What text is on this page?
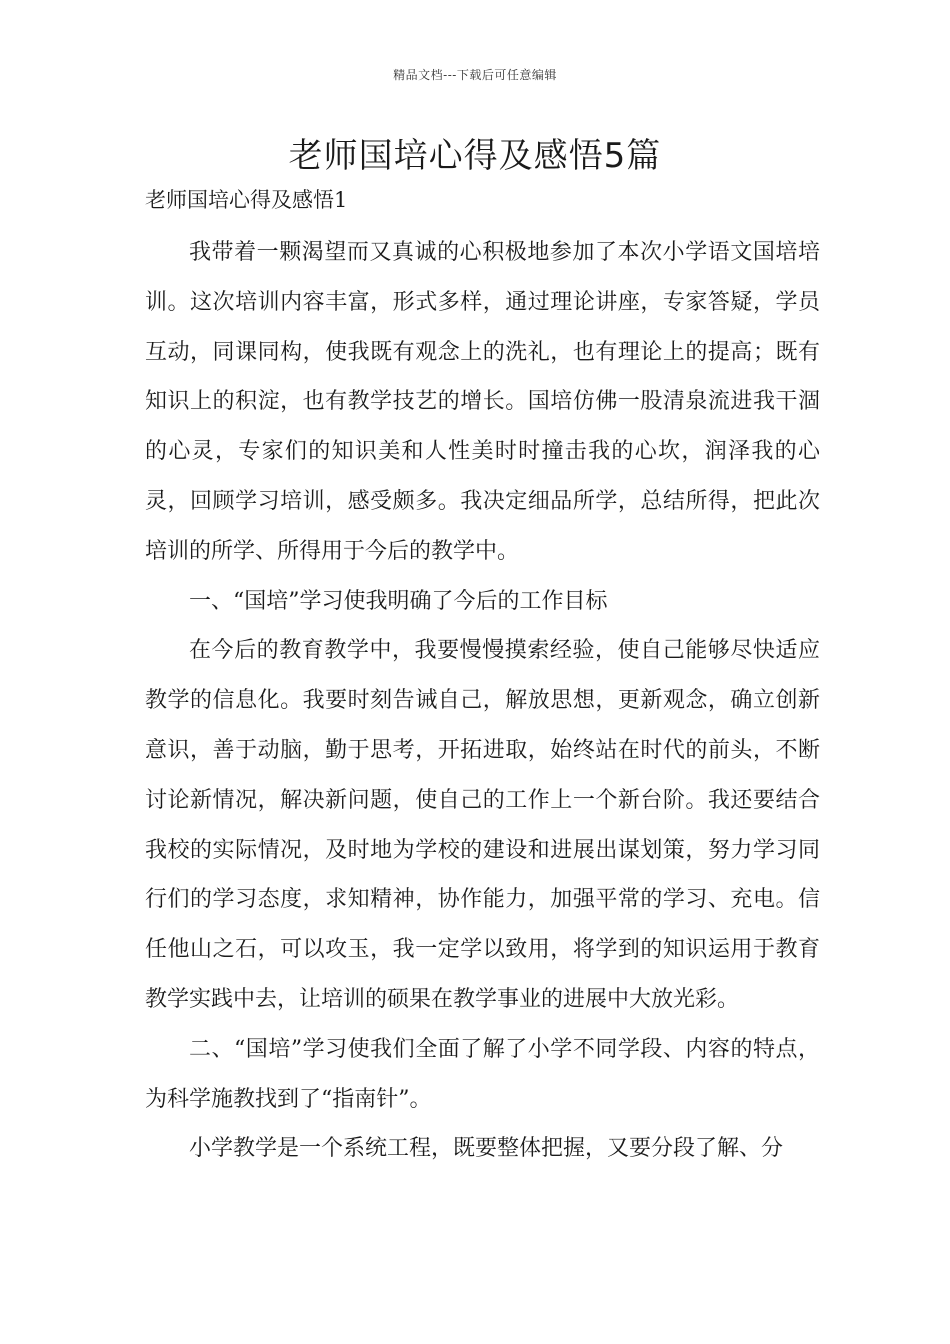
精品文档---下载后可任意编辑
老师国培心得及感悟5篇
老师国培心得及感悟1

我带着一颗渴望而又真诚的心积极地参加了本次小学语文国培培训。这次培训内容丰富，形式多样，通过理论讲座，专家答疑，学员互动，同课同构，使我既有观念上的洗礼，也有理论上的提高；既有知识上的积淀，也有教学技艺的增长。国培仿佛一股清泉流进我干涸的心灵，专家们的知识美和人性美时时撞击我的心坎，润泽我的心灵，回顾学习培训，感受颇多。我决定细品所学，总结所得，把此次培训的所学、所得用于今后的教学中。

一、“国培”学习使我明确了今后的工作目标

在今后的教育教学中，我要慢慢摸索经验，使自己能够尽快适应教学的信息化。我要时刻告诫自己，解放思想，更新观念，确立创新意识，善于动脑，勤于思考，开拓进取，始终站在时代的前头，不断讨论新情况，解决新问题，使自己的工作上一个新台阶。我还要结合我校的实际情况，及时地为学校的建设和进展出谋划策，努力学习同行们的学习态度，求知精神，协作能力，加强平常的学习、充电。信任他山之石，可以攻玉，我一定学以致用，将学到的知识运用于教育教学实践中去，让培训的硕果在教学事业的进展中大放光彩。

二、“国培”学习使我们全面了解了小学不同学段、内容的特点，为科学施教找到了“指南针”。

小学教学是一个系统工程，既要整体把握，又要分段了解、分
